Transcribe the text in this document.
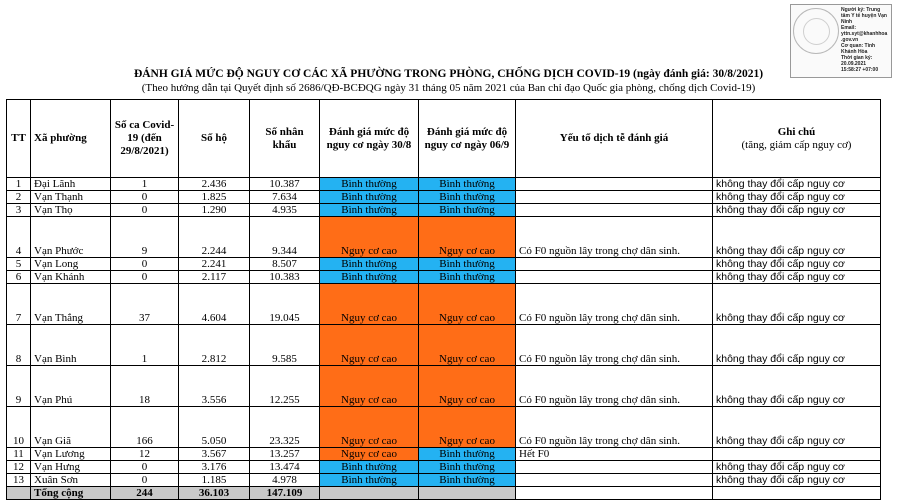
Người ký: Trung
tâm Y tế huyện Vạn
Ninh
Email:
yttn.syt@khanhhoa
.gov.vn
Cơ quan: Tỉnh
Khánh Hòa
Thời gian ký:
20.09.2021
15:58:27 +07:00
ĐÁNH GIÁ MỨC ĐỘ NGUY CƠ CÁC XÃ PHƯỜNG TRONG PHÒNG, CHỐNG DỊCH COVID-19 (ngày đánh giá: 30/8/2021)
(Theo hướng dẫn tại Quyết định số 2686/QĐ-BCĐQG ngày 31 tháng 05 năm 2021 của Ban chỉ đạo Quốc gia phòng, chống dịch Covid-19)
TT	Xã phường	Số ca Covid-19 (đến 29/8/2021)	Số hộ	Số nhân khẩu	Đánh giá mức độ nguy cơ ngày 30/8	Đánh giá mức độ nguy cơ ngày 06/9	Yếu tố dịch tễ đánh giá	Ghi chú
(tăng, giảm cấp nguy cơ)

1	Đại Lãnh	1	2.436	10.387	Bình thường	Bình thường		không thay đổi cấp nguy cơ
2	Vạn Thạnh	0	1.825	7.634	Bình thường	Bình thường		không thay đổi cấp nguy cơ
3	Vạn Thọ	0	1.290	4.935	Bình thường	Bình thường		không thay đổi cấp nguy cơ
4	Vạn Phước	9	2.244	9.344	Nguy cơ cao	Nguy cơ cao	Có F0 nguồn lây trong chợ dân sinh.	không thay đổi cấp nguy cơ
5	Vạn Long	0	2.241	8.507	Bình thường	Bình thường		không thay đổi cấp nguy cơ
6	Vạn Khánh	0	2.117	10.383	Bình thường	Bình thường		không thay đổi cấp nguy cơ
7	Vạn Thắng	37	4.604	19.045	Nguy cơ cao	Nguy cơ cao	Có F0 nguồn lây trong chợ dân sinh.	không thay đổi cấp nguy cơ
8	Vạn Bình	1	2.812	9.585	Nguy cơ cao	Nguy cơ cao	Có F0 nguồn lây trong chợ dân sinh.	không thay đổi cấp nguy cơ
9	Vạn Phú	18	3.556	12.255	Nguy cơ cao	Nguy cơ cao	Có F0 nguồn lây trong chợ dân sinh.	không thay đổi cấp nguy cơ
10	Vạn Giã	166	5.050	23.325	Nguy cơ cao	Nguy cơ cao	Có F0 nguồn lây trong chợ dân sinh.	không thay đổi cấp nguy cơ
11	Vạn Lương	12	3.567	13.257	Nguy cơ cao	Bình thường	Hết F0	
12	Vạn Hưng	0	3.176	13.474	Bình thường	Bình thường		không thay đổi cấp nguy cơ
13	Xuân Sơn	0	1.185	4.978	Bình thường	Bình thường		không thay đổi cấp nguy cơ
	Tổng cộng	244	36.103	147.109				
